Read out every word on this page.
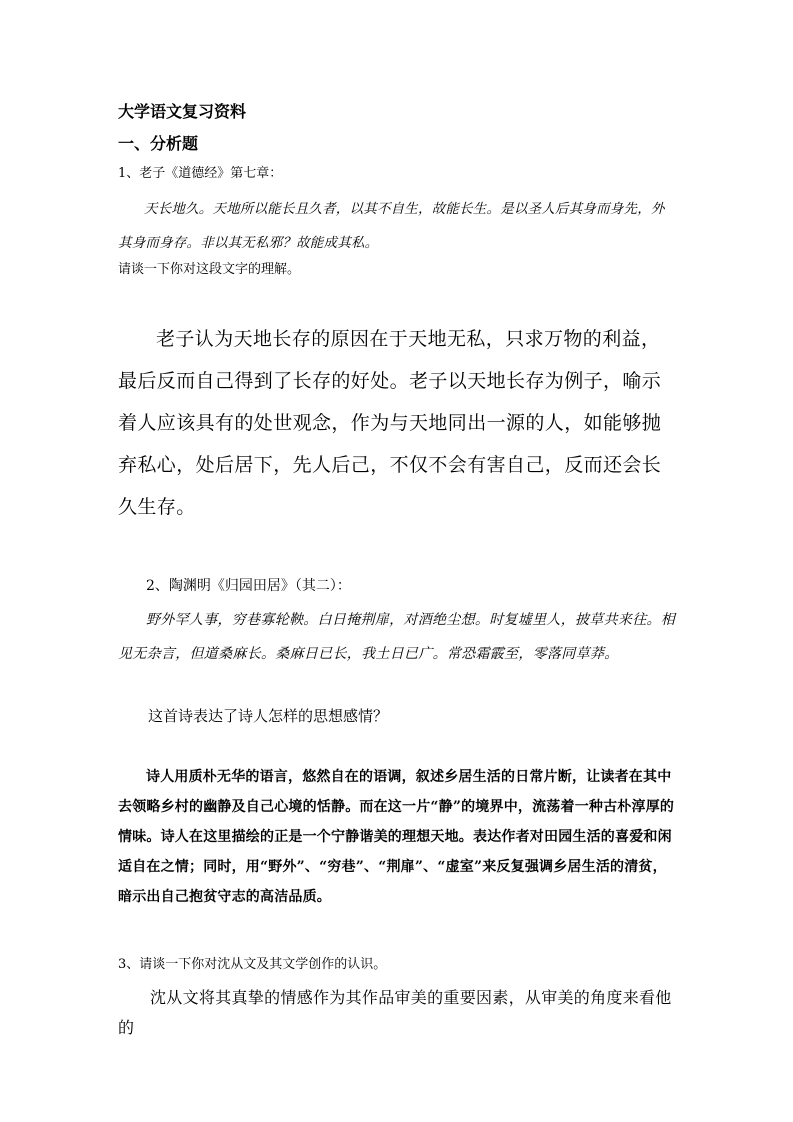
大学语文复习资料
一、分析题

1、老子《道德经》第七章：

天长地久。天地所以能长且久者，以其不自生，故能长生。是以圣人后其身而身先，外其身而身存。非以其无私邪？故能成其私。

请谈一下你对这段文字的理解。

老子认为天地长存的原因在于天地无私，只求万物的利益，最后反而自己得到了长存的好处。老子以天地长存为例子，喻示着人应该具有的处世观念，作为与天地同出一源的人，如能够抛弃私心，处后居下，先人后己，不仅不会有害自己，反而还会长久生存。

2、陶渊明《归园田居》（其二）：

野外罕人事，穷巷寡轮鞅。白日掩荆扉，对酒绝尘想。时复墟里人，披草共来往。相见无杂言，但道桑麻长。桑麻日已长，我土日已广。常恐霜霰至，零落同草莽。

这首诗表达了诗人怎样的思想感情？

诗人用质朴无华的语言，悠然自在的语调，叙述乡居生活的日常片断，让读者在其中去领略乡村的幽静及自己心境的恬静。而在这一片“静”的境界中，流荡着一种古朴淳厚的情味。诗人在这里描绘的正是一个宁静谐美的理想天地。表达作者对田园生活的喜爱和闲适自在之情；同时，用“野外”、“穷巷”、“荆扉”、“虚室”来反复强调乡居生活的清贫，暗示出自己抱贫守志的高洁品质。

3、请谈一下你对沈从文及其文学创作的认识。

沈从文将其真挚的情感作为其作品审美的重要因素，从审美的角度来看他的
